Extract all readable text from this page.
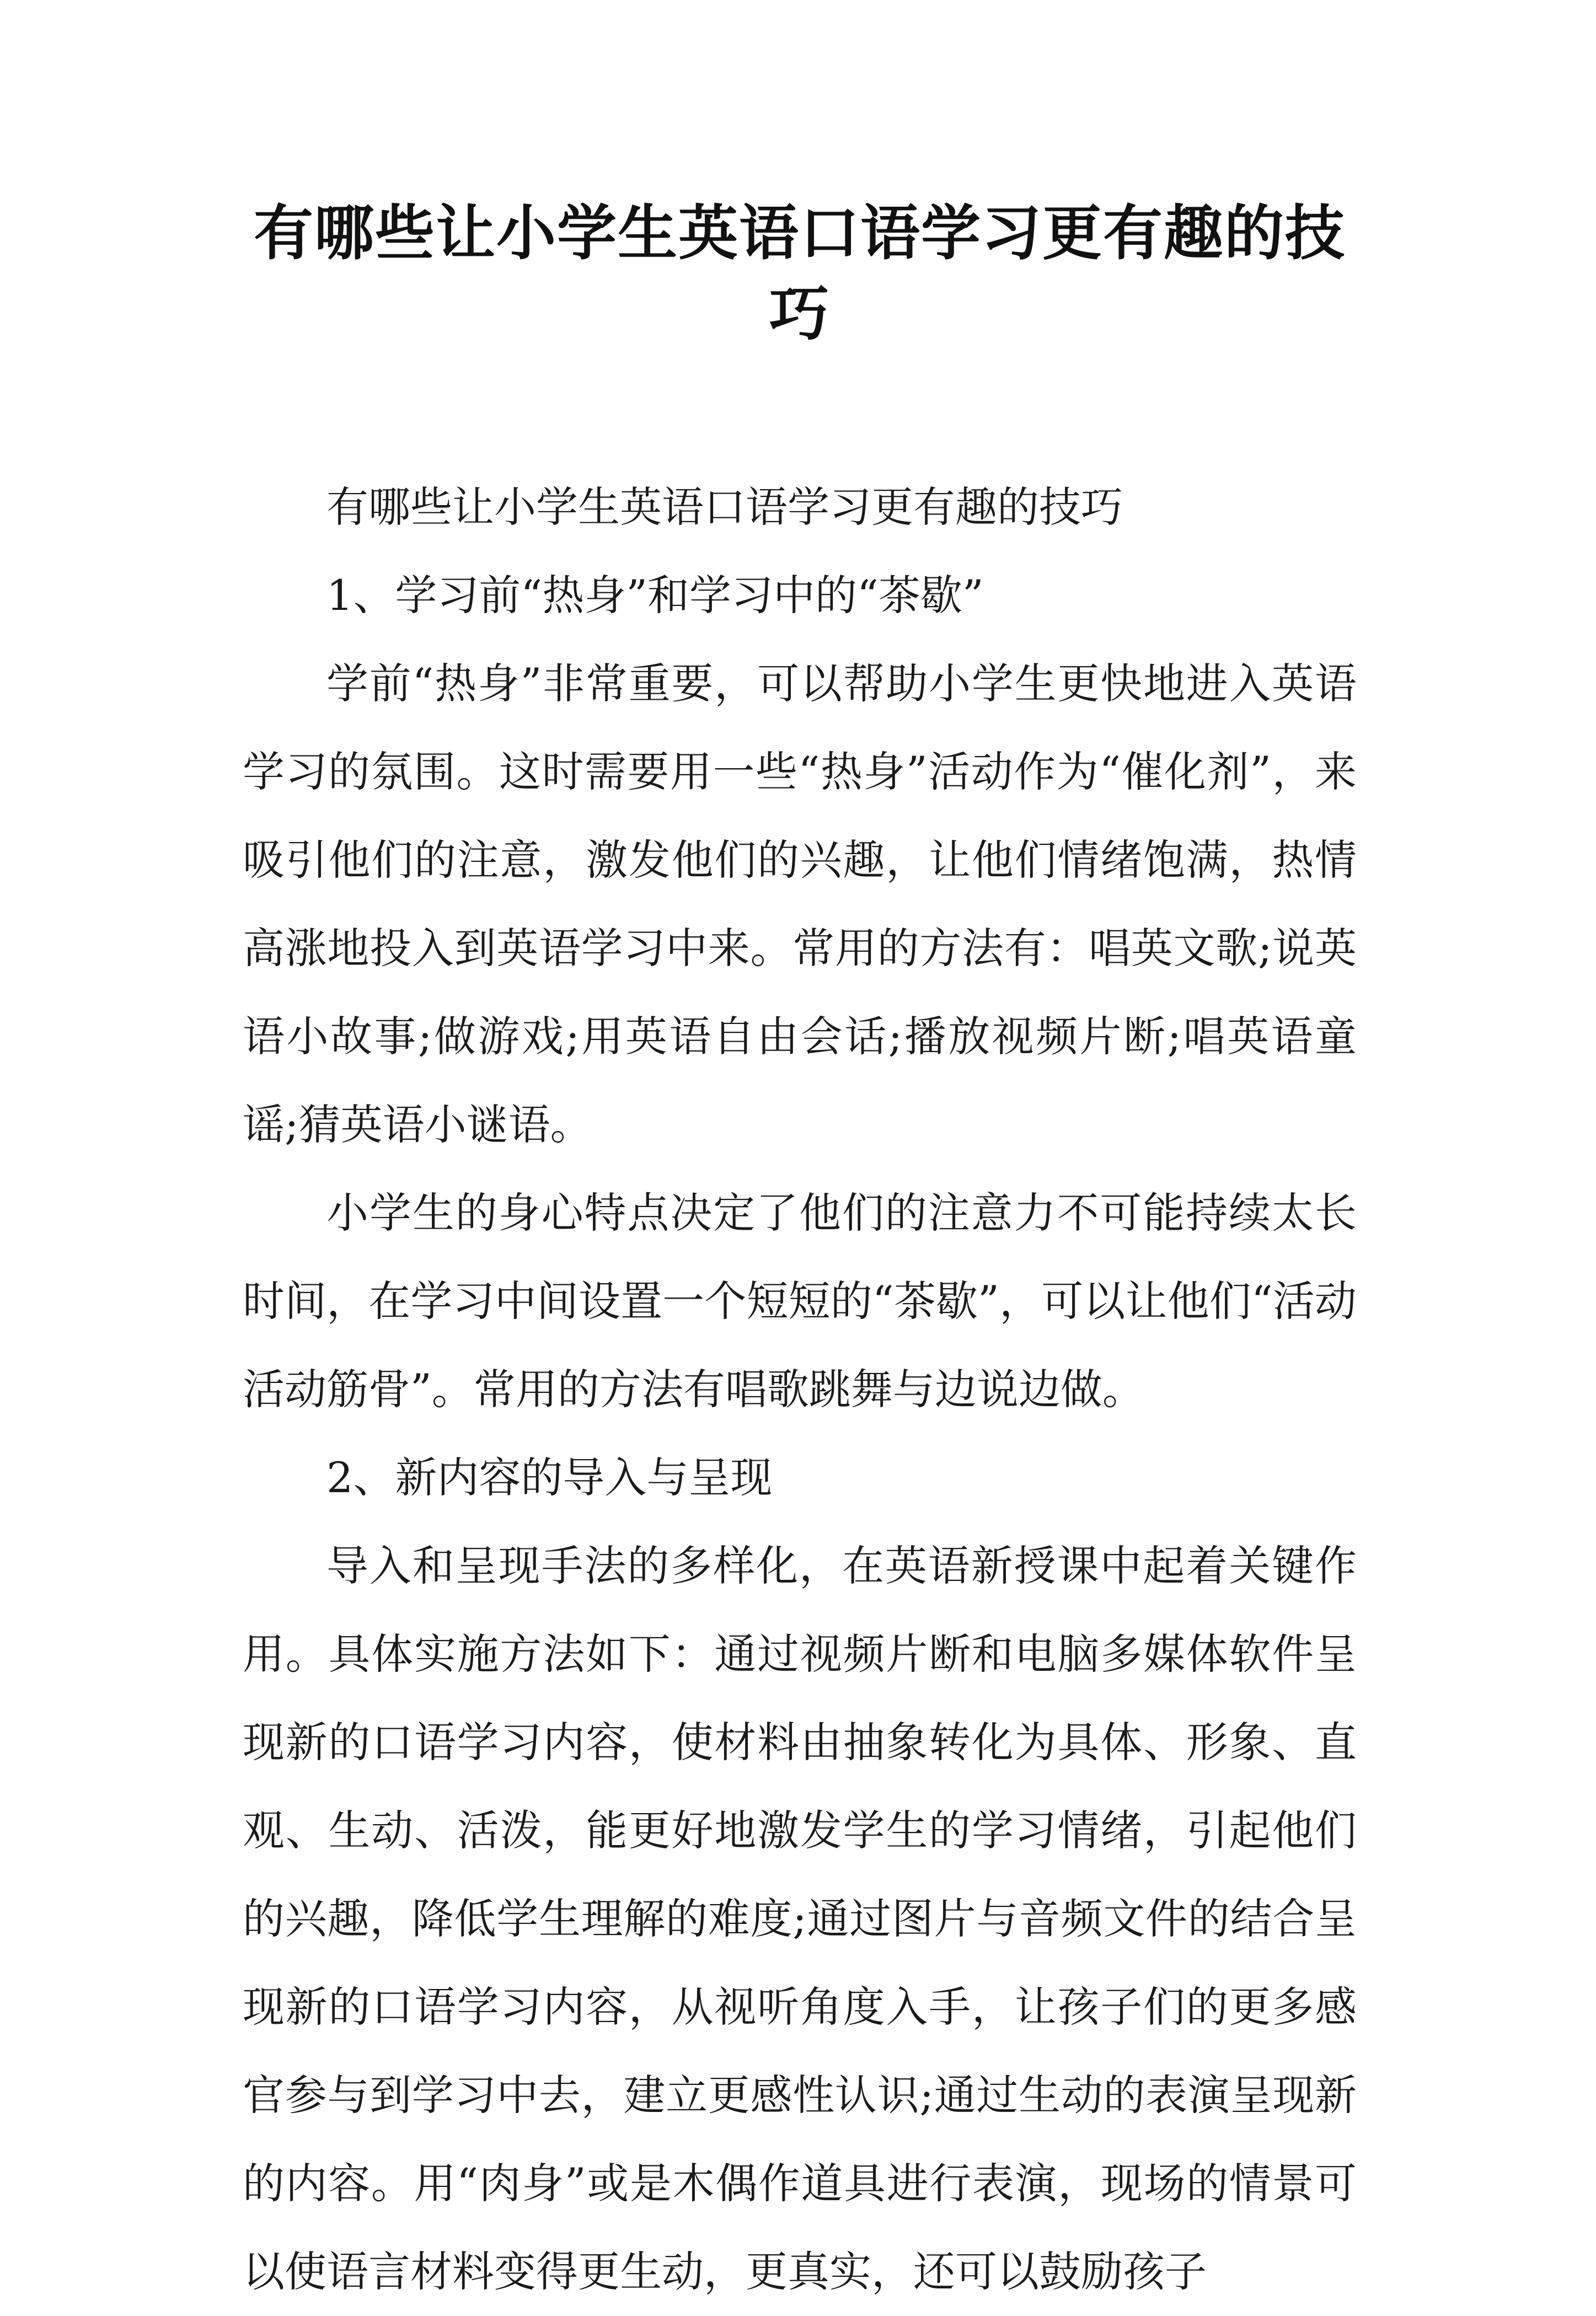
有哪些让小学生英语口语学习更有趣的技巧

有哪些让小学生英语口语学习更有趣的技巧

1、学习前“热身”和学习中的“茶歇”

学前“热身”非常重要，可以帮助小学生更快地进入英语学习的氛围。这时需要用一些“热身”活动作为“催化剂”，来吸引他们的注意，激发他们的兴趣，让他们情绪饱满，热情高涨地投入到英语学习中来。常用的方法有：唱英文歌;说英语小故事;做游戏;用英语自由会话;播放视频片断;唱英语童谣;猜英语小谜语。

小学生的身心特点决定了他们的注意力不可能持续太长时间，在学习中间设置一个短短的“茶歇”，可以让他们“活动活动筋骨”。常用的方法有唱歌跳舞与边说边做。

2、新内容的导入与呈现

导入和呈现手法的多样化，在英语新授课中起着关键作用。具体实施方法如下：通过视频片断和电脑多媒体软件呈现新的口语学习内容，使材料由抽象转化为具体、形象、直观、生动、活泼，能更好地激发学生的学习情绪，引起他们的兴趣，降低学生理解的难度;通过图片与音频文件的结合呈现新的口语学习内容，从视听角度入手，让孩子们的更多感官参与到学习中去，建立更感性认识;通过生动的表演呈现新的内容。用“肉身”或是木偶作道具进行表演，现场的情景可以使语言材料变得更生动，更真实，还可以鼓励孩子
